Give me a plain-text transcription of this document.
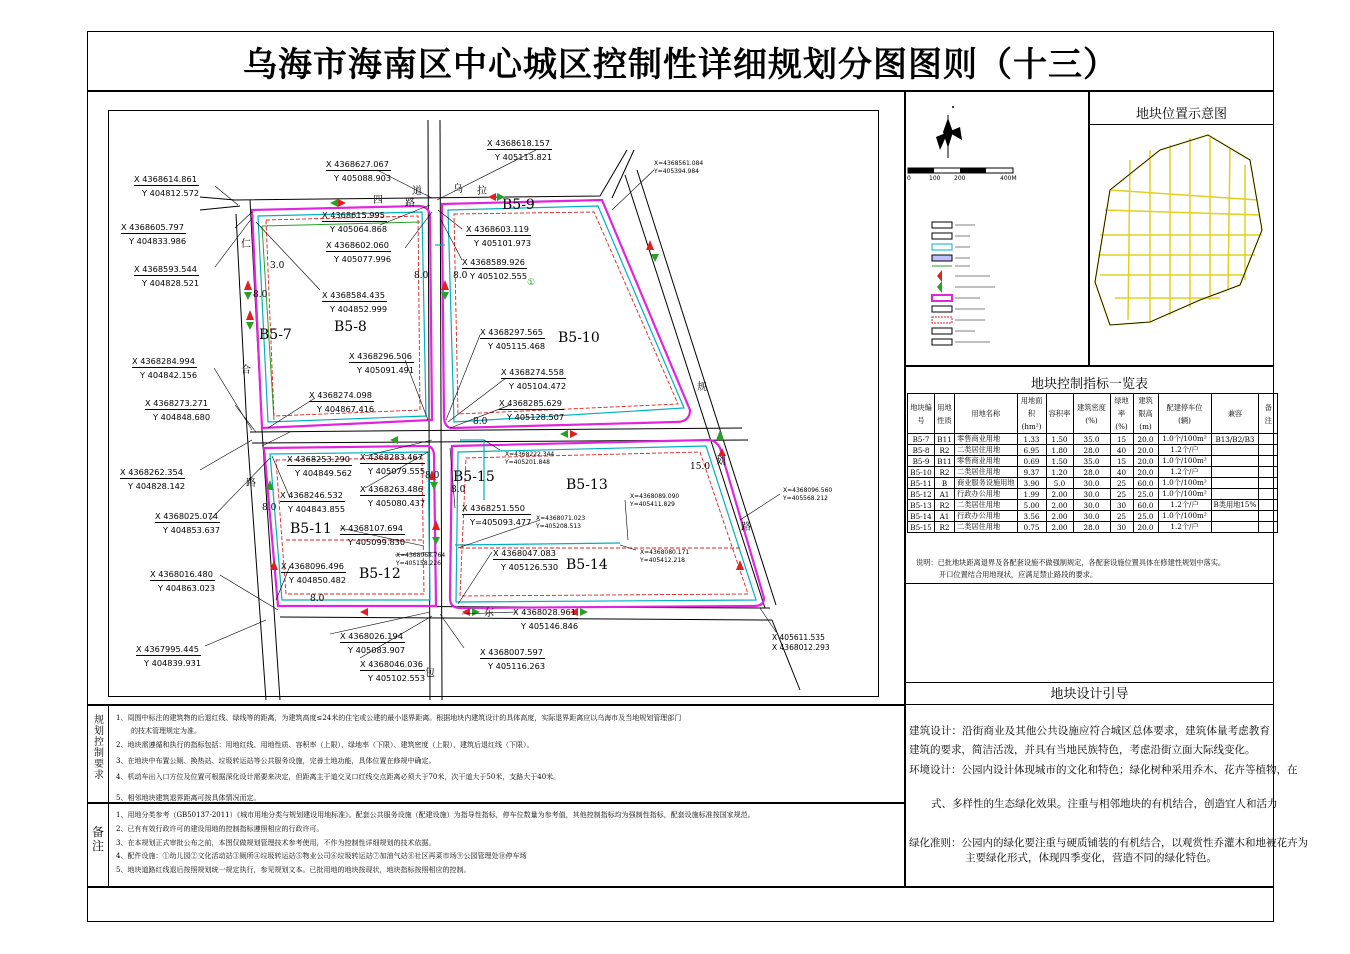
乌海市海南区中心城区控制性详细规划分图图则（十三）
地块位置示意图
B5-7	B5-8
B5-9
B5-10
B5-11
B5-12
B5-13
B5-14
B5-15
四
道	拉
包
路
仁
合
规
划
路
乌
路
东
3.0
8.0
8.0	8.0
8.0
8.0
8.0
15.0
8.0
8.0
①
X 4368618.157
Y 405113.821
X 4368627.067
Y 405088.903
X 4368614.861
Y 404812.572
X 4368615.995
Y 405064.868
X 4368605.797
Y 404833.986	X 4368602.060
Y 405077.996
X 4368603.119
Y 405101.973
X 4368593.544
Y 404828.521
X 4368589.926
Y 405102.555
X 4368584.435
Y 404852.999
X 4368297.565
Y 405115.468
X 4368284.994
Y 404842.156
X 4368296.506
Y 405091.491	X 4368274.558
Y 405104.472
X 4368273.271
Y 404848.680
X 4368274.098
Y 404867.416
X 4368285.629
Y 405128.507
X 4368262.354
Y 404828.142
X 4368253.290
Y 404849.562
X 4368283.467
Y 405079.555
X 4368246.532
Y 404843.855
X 4368263.486
Y 405080.437	X 4368251.550
Y=405093.477
X 4368025.074
Y 404853.637	X 4368107.694
Y 405099.830
X 4368096.496
Y 404850.482
X 4368047.083
Y 405126.530
X 4368016.480
Y 404863.023
X 4368028.961
Y 405146.846
X 4368026.194
Y 405083.907
X 4367995.445
Y 404839.931
X 4368007.597
Y 405116.263
X 4368046.036
Y 405102.553
X=4368561.084
Y=405394.984
X=4368222.344
Y=405201.848
X=4368089.090
Y=405411.829
X=4368096.560
Y=405568.212
X=4368071.023
Y=405208.513
X=4368068.764
Y=405158.226
X=4368080.171
Y=405412.218
X 405611.535
X 4368012.293
0	100 200	400M
地块控制指标一览表
地块编号	用地性质	用地名称	用地面积(hm²)	容积率	建筑密度(%)	绿地率(%)	建筑限高(m)	配建停车位(辆)	兼容	备注
B5-7	B11	零售商业用地	1.33	1.50	35.0	15	20.0	1.0个/100m²	B13/B2/B3	
B5-8	R2	二类居住用地	6.95	1.80	28.0	40	20.0	1.2个/户		
B5-9	B11	零售商业用地	0.69	1.50	35.0	15	20.0	1.0个/100m²		
B5-10	R2	二类居住用地	9.37	1.20	28.0	40	20.0	1.2个/户		
B5-11	B	商业服务设施用地	3.90	5.0	30.0	25	60.0	1.0个/100m²		
B5-12	A1	行政办公用地	1.99	2.00	30.0	25	25.0	1.0个/100m²		
B5-13	R2	二类居住用地	5.00	2.00	30.0	30	60.0	1.2个/户	B类用地15%	
B5-14	A1	行政办公用地	3.56	2.00	30.0	25	25.0	1.0个/100m²		
B5-15	R2	二类居住用地	0.75	2.00	28.0	30	20.0	1.2个/户		
说明：已批地块距离退界及各配套设施不做强制规定，各配套设施位置具体在修建性规划中落实。
开口位置结合用地现状，应满足禁止路段的要求。
地块设计引导
建筑设计：沿街商业及其他公共设施应符合城区总体要求，建筑体量考虑教育建筑的要求，简洁活泼，并具有当地民族特色，考虑沿街立面大际线变化。
环境设计：公园内设计体现城市的文化和特色；绿化树种采用乔木、花卉等植物，在
式、多样性的生态绿化效果。注重与相邻地块的有机结合，创造宜人和活力
绿化准则：公园内的绿化要注重与硬质铺装的有机结合，以观赏性乔灌木和地被花卉为
主要绿化形式，体现四季变化，营造不同的绿化特色。
规划控制要求
1、周围中标注的建筑物的后退红线、绿线等的距离，为建筑高度≤24米的住宅或公建的最小退界距离。根据地块内建筑设计的具体高度，实际退界距离应以乌海市及当地规划管理部门
的技术管理规定为准。
2、地块需遵循和执行的指标包括：用地红线、用地性质、容积率（上限）、绿地率（下限）、建筑密度（上限）、建筑后退红线（下限）。
3、在地块中布置公厕、换热站、垃圾转运站等公共服务设施，完善土地功能，具体位置在修规中确定。
4、机动车出入口方位及位置可根据深化设计需要来决定，但距离主干道交叉口红线交点距离必须大于70米，次干道大于50米，支路大于40米。
5、相邻地块建筑退界距离可按具体情况而定。
备注
1、用地分类参考（GB50137-2011）《城市用地分类与规划建设用地标准》。配套公共服务设施（配建设施）为指导性指标，停车位数量为参考值，其他控制指标均为强制性指标，配套设施标准按国家规范。
2、已有有效行政许可的建设用地的控制指标遵照相应的行政许可。
3、在本规划正式审批公布之前，本图仅做规划管理技术参考使用，不作为控制性详细规划的技术依据。
4、配件设施：①幼儿园②文化活动站③厕所④垃圾转运站⑤物业公司⑥垃圾转运站⑦加油气站⑧社区再菜市场⑨公园管理处⑩停车场
5、地块道路红线退后按照规划统一规定执行，参见规划文本。已批用地的地块按现状，地块指标按照相应的控制。
